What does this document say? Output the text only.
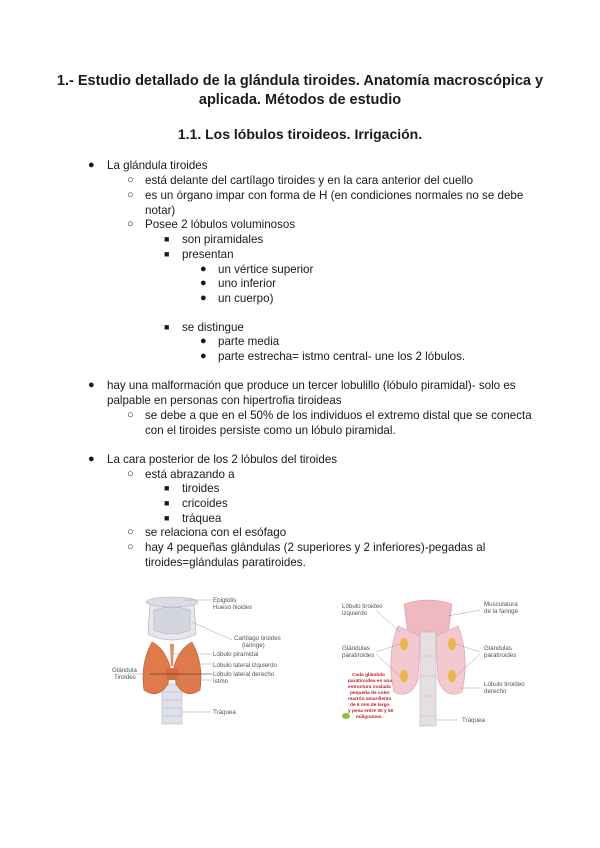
1.- Estudio detallado de la glándula tiroides. Anatomía macroscópica y
aplicada. Métodos de estudio
1.1. Los lóbulos tiroideos. Irrigación.
● La glándula tiroides
○ está delante del cartílago tiroides y en la cara anterior del cuello
○ es un órgano impar con forma de H (en condiciones normales no se debe
notar)
○ Posee 2 lóbulos voluminosos
■ son piramidales
■ presentan
● un vértice superior
● uno inferior
● un cuerpo)
■ se distingue
● parte media
● parte estrecha= istmo central- une los 2 lóbulos.
● hay una malformación que produce un tercer lobulillo (lóbulo piramidal)- solo es
palpable en personas con hipertrofia tiroideas
○ se debe a que en el 50% de los individuos el extremo distal que se conecta
con el tiroides persiste como un lóbulo piramidal.
● La cara posterior de los 2 lóbulos del tiroides
○ está abrazando a
■ tiroides
■ cricoides
■ tráquea
○ se relaciona con el esófago
○ hay 4 pequeñas glándulas (2 superiores y 2 inferiores)-pegadas al
tiroides=glándulas paratiroides.
Epiglotis
Hueso hioides
Cartílago tiroides
(laringe)
Lóbulo piramidal
Lóbulo lateral izquierdo
Lóbulo lateral derecho
Istmo
Glándula
Tiroides
Tráquea
Lóbulo tiroideo
izquierdo
Glándulas
paratiroides
Musculatura
de la faringe
Glándulas
paratiroides
Lóbulo tiroideo
derecho
Tráquea
Cada glándula
paratiroidea es una
estructura ovalada
pequeña de color
marrón amarillento
de 6 mm de largo
y pesa entre 30 y 50
miligramos.
